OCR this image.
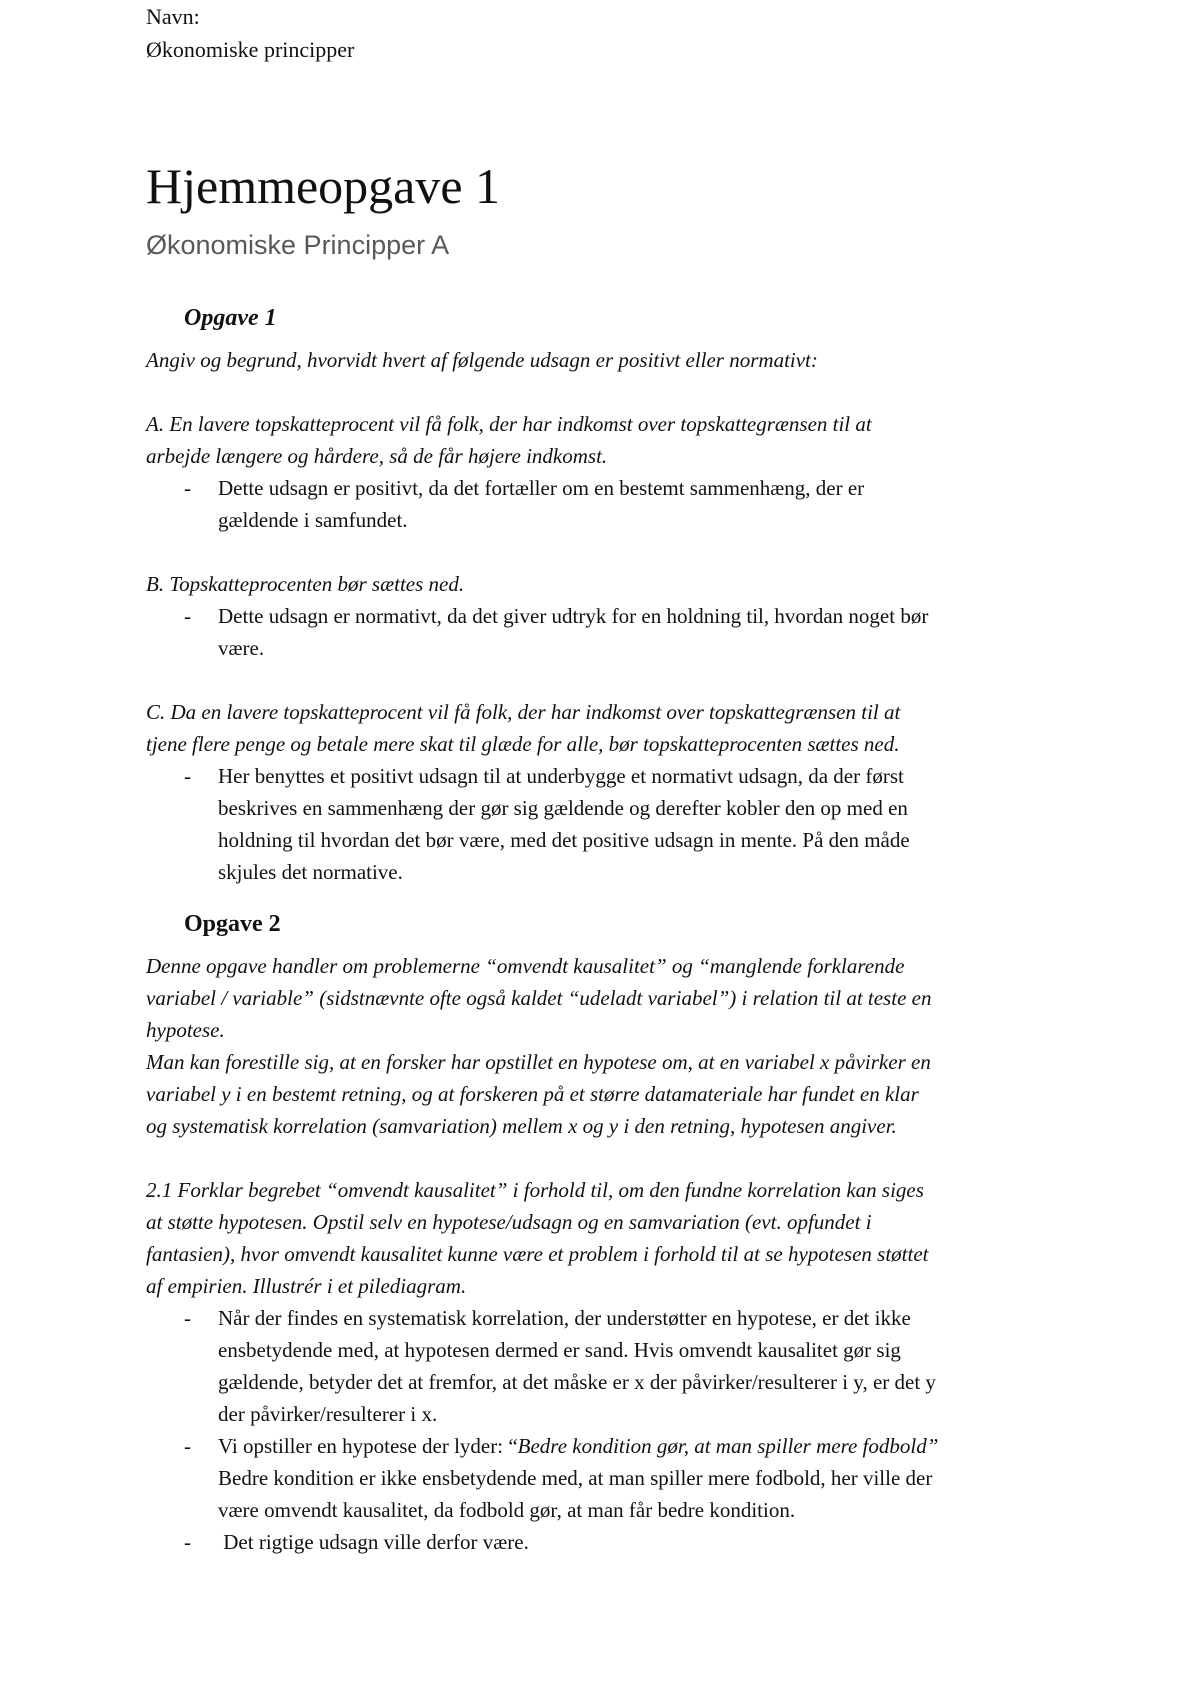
Navn:
Økonomiske principper
Hjemmeopgave 1
Økonomiske Principper A
Opgave 1

Angiv og begrund, hvorvidt hvert af følgende udsagn er positivt eller normativt:

A. En lavere topskatteprocent vil få folk, der har indkomst over topskattegrænsen til at

arbejde længere og hårdere, så de får højere indkomst.

- Dette udsagn er positivt, da det fortæller om en bestemt sammenhæng, der er

gældende i samfundet.

B. Topskatteprocenten bør sættes ned.

- Dette udsagn er normativt, da det giver udtryk for en holdning til, hvordan noget bør

være.

C. Da en lavere topskatteprocent vil få folk, der har indkomst over topskattegrænsen til at

tjene flere penge og betale mere skat til glæde for alle, bør topskatteprocenten sættes ned.

- Her benyttes et positivt udsagn til at underbygge et normativt udsagn, da der først

beskrives en sammenhæng der gør sig gældende og derefter kobler den op med en

holdning til hvordan det bør være, med det positive udsagn in mente. På den måde

skjules det normative.

Opgave 2

Denne opgave handler om problemerne “omvendt kausalitet” og “manglende forklarende

variabel / variable” (sidstnævnte ofte også kaldet “udeladt variabel”) i relation til at teste en

hypotese.

Man kan forestille sig, at en forsker har opstillet en hypotese om, at en variabel x påvirker en

variabel y i en bestemt retning, og at forskeren på et større datamateriale har fundet en klar

og systematisk korrelation (samvariation) mellem x og y i den retning, hypotesen angiver.

2.1 Forklar begrebet “omvendt kausalitet” i forhold til, om den fundne korrelation kan siges

at støtte hypotesen. Opstil selv en hypotese/udsagn og en samvariation (evt. opfundet i

fantasien), hvor omvendt kausalitet kunne være et problem i forhold til at se hypotesen støttet

af empirien. Illustrér i et pilediagram.

- Når der findes en systematisk korrelation, der understøtter en hypotese, er det ikke

ensbetydende med, at hypotesen dermed er sand. Hvis omvendt kausalitet gør sig

gældende, betyder det at fremfor, at det måske er x der påvirker/resulterer i y, er det y

der påvirker/resulterer i x.

- Vi opstiller en hypotese der lyder: “Bedre kondition gør, at man spiller mere fodbold”

Bedre kondition er ikke ensbetydende med, at man spiller mere fodbold, her ville der

være omvendt kausalitet, da fodbold gør, at man får bedre kondition.

- Det rigtige udsagn ville derfor være.
